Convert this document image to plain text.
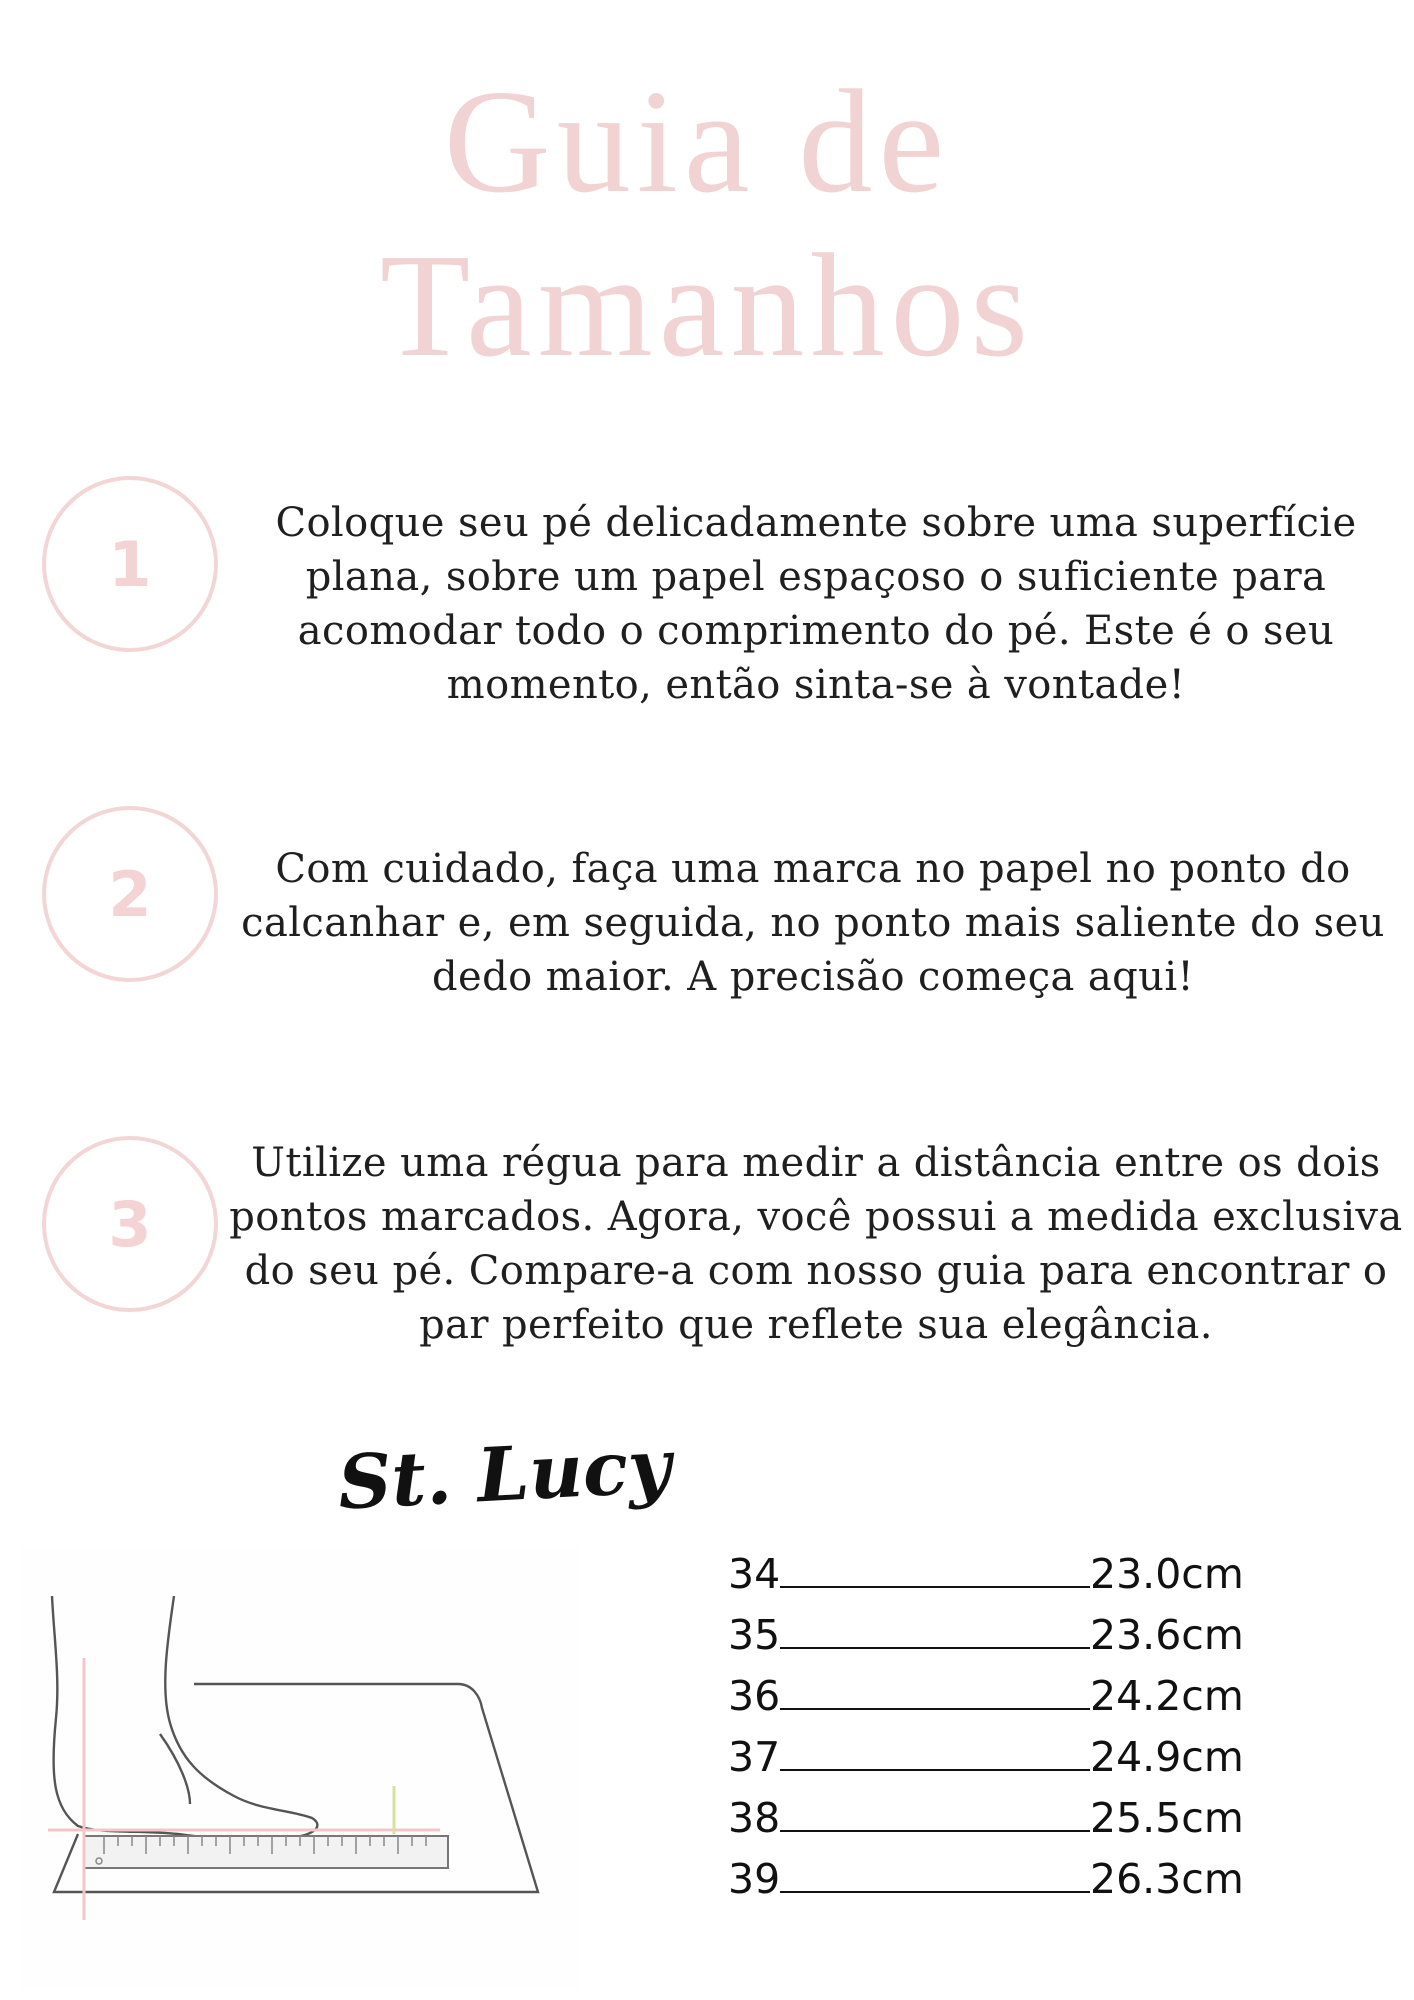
Guia de
Tamanhos
1
Coloque seu pé delicadamente sobre uma superfície plana, sobre um papel espaçoso o suficiente para acomodar todo o comprimento do pé. Este é o seu momento, então sinta-se à vontade!
2	Com cuidado, faça uma marca no papel no ponto do calcanhar e, em seguida, no ponto mais saliente do seu dedo maior. A precisão começa aqui!
3
Utilize uma régua para medir a distância entre os dois pontos marcados. Agora, você possui a medida exclusiva do seu pé. Compare-a com nosso guia para encontrar o par perfeito que reflete sua elegância.
St. Lucy
34	23.0cm
35	23.6cm
36	24.2cm
37	24.9cm
38	25.5cm
39	26.3cm
